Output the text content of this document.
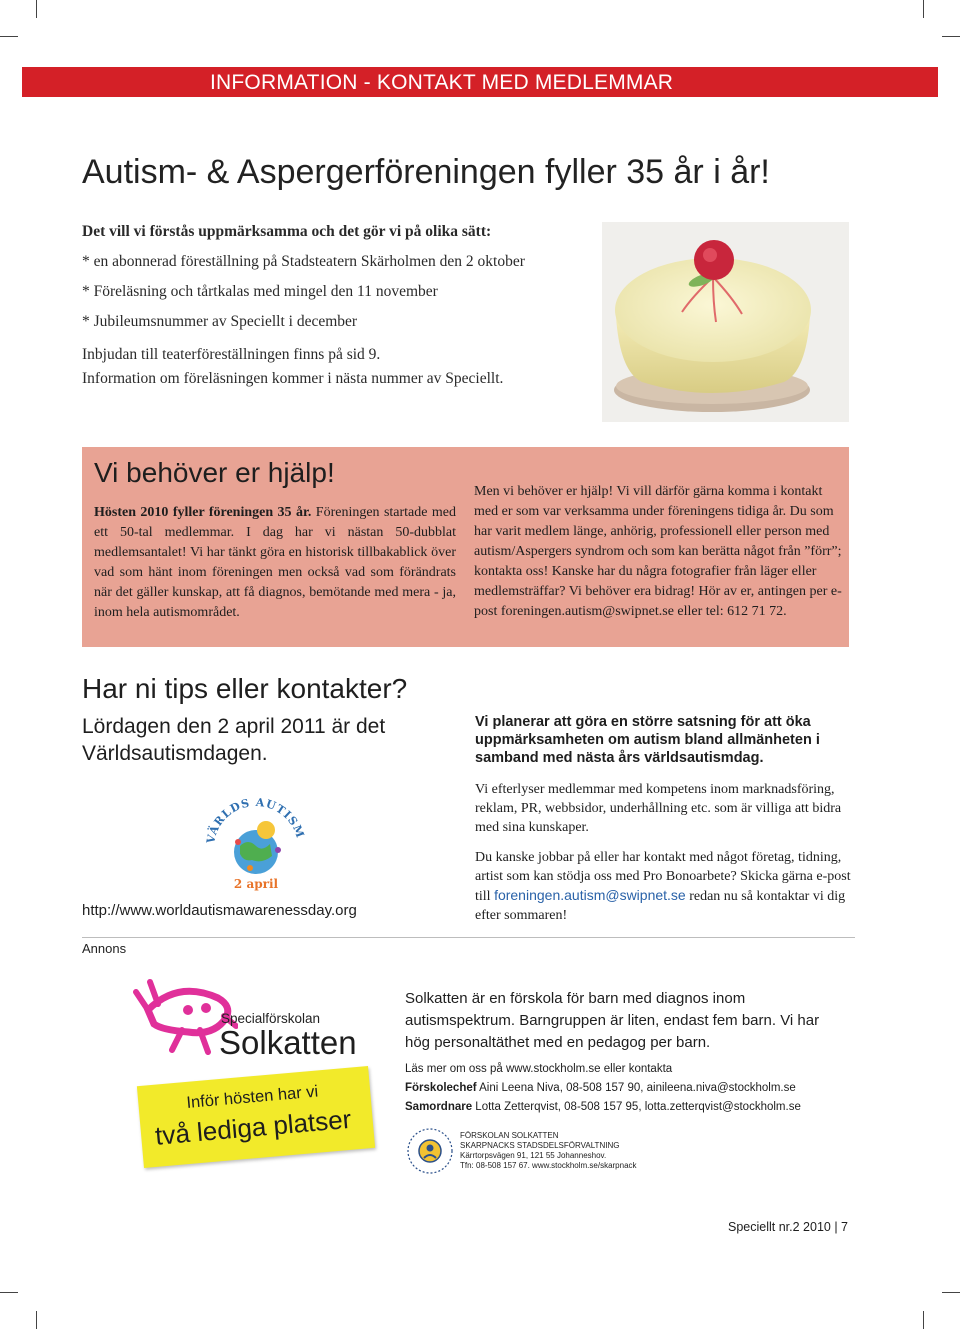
INFORMATION - KONTAKT MED MEDLEMMAR
Autism- & Aspergerföreningen fyller 35 år i år!
Det vill vi förstås uppmärksamma och det gör vi på olika sätt:
* en abonnerad föreställning på Stadsteatern Skärholmen den 2 oktober
* Föreläsning och tårtkalas med mingel den 11 november
* Jubileumsnummer av Speciellt i december
Inbjudan till teaterföreställningen finns på sid 9.
Information om föreläsningen kommer i nästa nummer av Speciellt.
Vi behöver er hjälp!
Hösten 2010 fyller föreningen 35 år. Föreningen startade med ett 50-tal medlemmar. I dag har vi nästan 50-dubblat medlemsantalet! Vi har tänkt göra en historisk tillbakablick över vad som hänt inom föreningen men också vad som förändrats när det gäller kunskap, att få diagnos, bemötande med mera - ja, inom hela autismområdet.
Men vi behöver er hjälp! Vi vill därför gärna komma i kontakt med er som var verksamma under föreningens tidiga år. Du som har varit medlem länge, anhörig, professionell eller person med autism/Aspergers syndrom och som kan berätta något från ”förr”; kontakta oss! Kanske har du några fotografier från läger eller medlemsträffar? Vi behöver era bidrag! Hör av er, antingen per e-post foreningen.autism@swipnet.se eller tel: 612 71 72.
Har ni tips eller kontakter?
Lördagen den 2 april 2011 är det Världsautismdagen.
VÄRLDS AUTISM
2 april
http://www.worldautismawarenessday.org
Vi planerar att göra en större satsning för att öka uppmärksamheten om autism bland allmänheten i samband med nästa års världsautismdag.
Vi efterlyser medlemmar med kompetens inom marknadsföring, reklam, PR, webbsidor, underhållning etc. som är villiga att bidra med sina kunskaper.
Du kanske jobbar på eller har kontakt med något företag, tidning, artist som kan stödja oss med Pro Bonoarbete? Skicka gärna e-post till foreningen.autism@swipnet.se redan nu så kontaktar vi dig efter sommaren!
Annons
Specialförskolan
Solkatten
Inför hösten har vi
två lediga platser
Solkatten är en förskola för barn med diagnos inom autismspektrum. Barngruppen är liten, endast fem barn. Vi har hög personaltäthet med en pedagog per barn.
Läs mer om oss på www.stockholm.se eller kontakta
Förskolechef Aini Leena Niva, 08-508 157 90, ainileena.niva@stockholm.se
Samordnare Lotta Zetterqvist, 08-508 157 95, lotta.zetterqvist@stockholm.se
FÖRSKOLAN SOLKATTEN
SKARPNACKS STADSDELSFÖRVALTNING
Kärrtorpsvägen 91, 121 55 Johanneshov.
Tfn: 08-508 157 67. www.stockholm.se/skarpnack
Speciellt nr.2 2010 | 7
